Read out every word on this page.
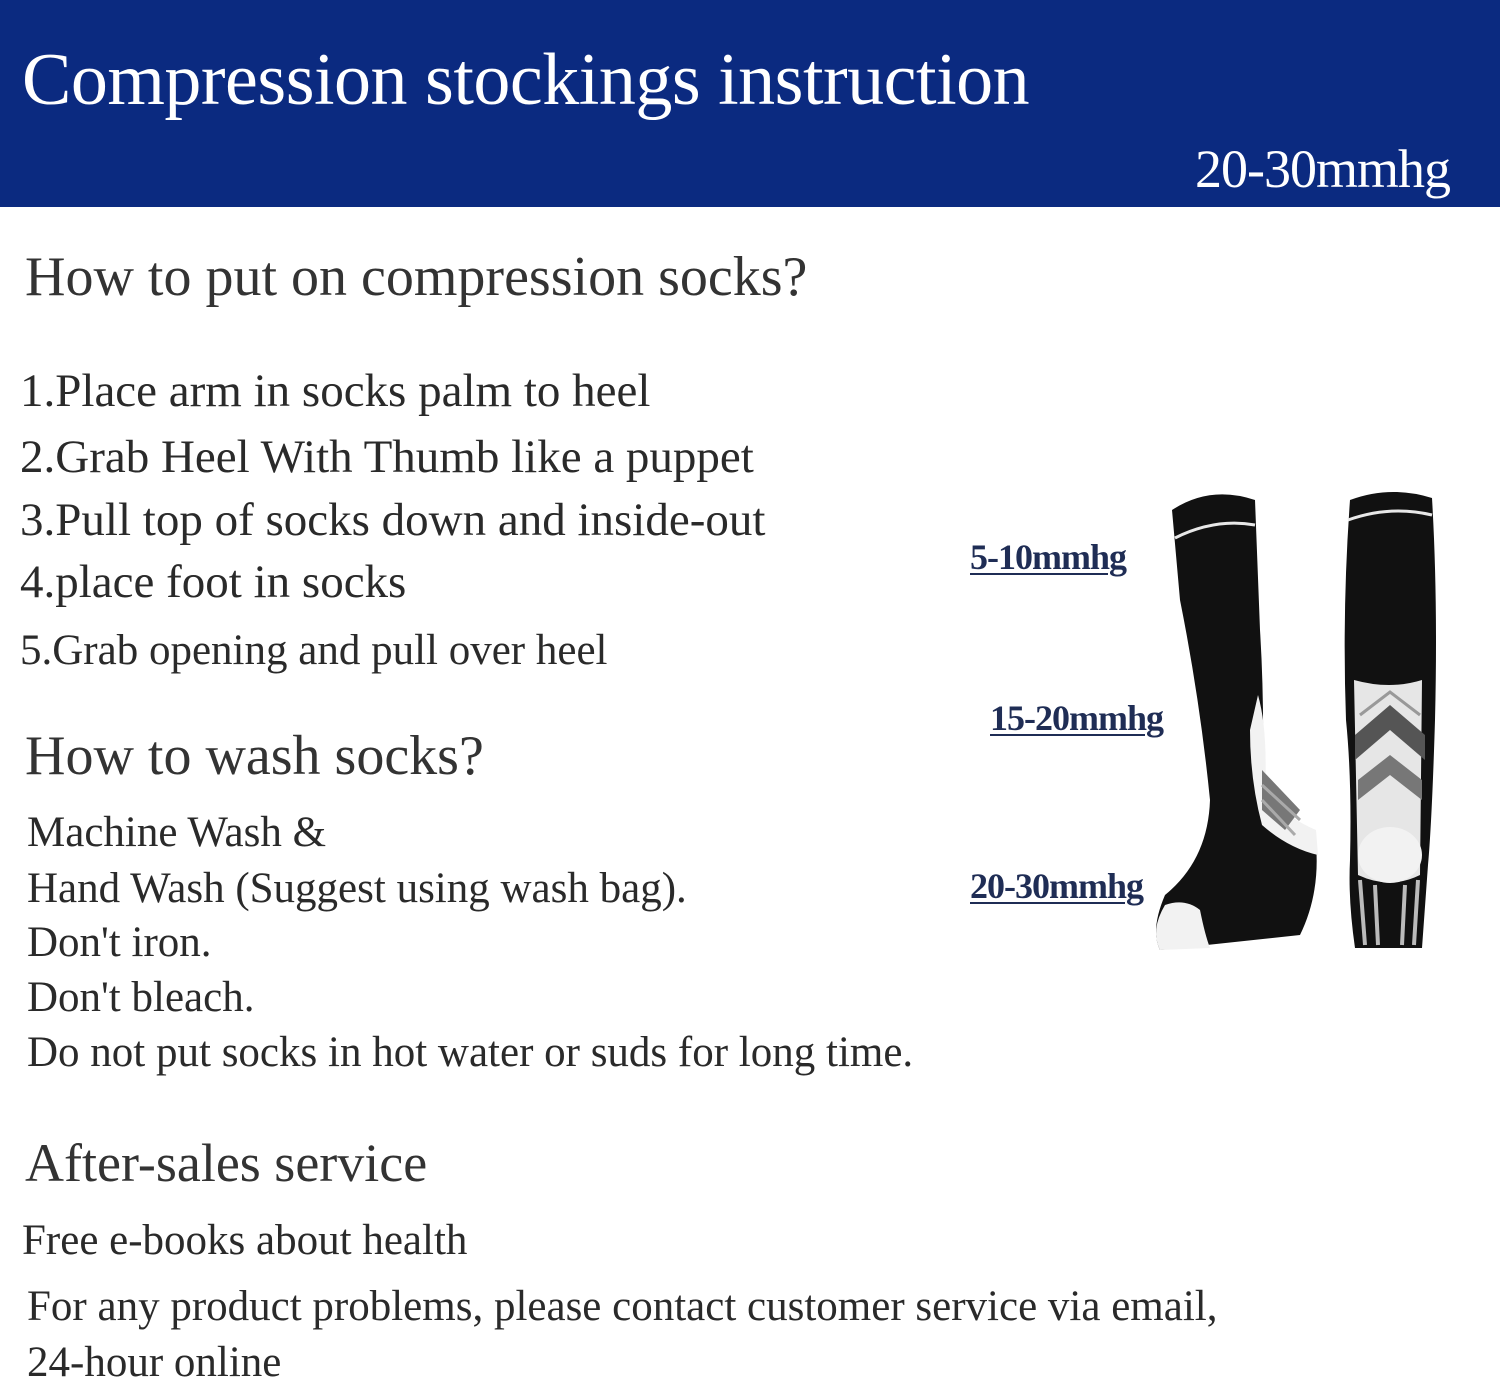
Compression stockings instruction
20-30mmhg
How to put on compression socks?
1.Place arm in socks palm to heel
2.Grab Heel With Thumb like a puppet
3.Pull top of socks down and inside-out
4.place foot in socks
5.Grab opening and pull over heel
How to wash socks?
Machine Wash &
Hand Wash (Suggest using wash bag).
Don't iron.
Don't bleach.
Do not put socks in hot water or suds for long time.
After-sales service
Free e-books about health
For any product problems, please contact customer service via email,
24-hour online
5-10mmhg
15-20mmhg
20-30mmhg
